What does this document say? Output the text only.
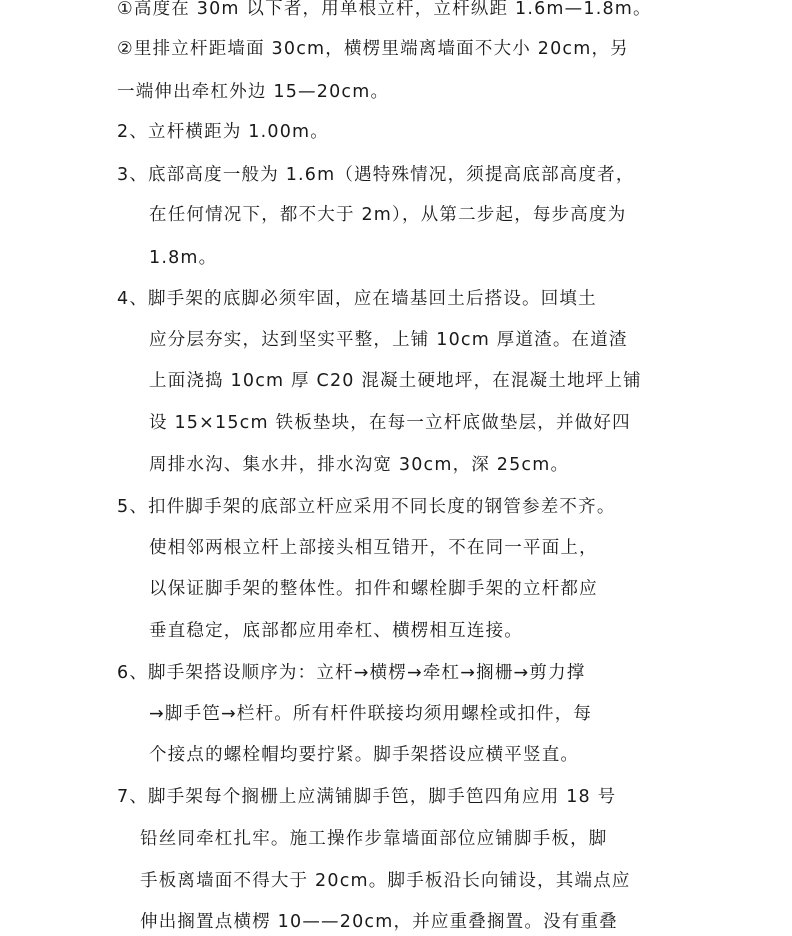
①高度在 30m 以下者，用单根立杆，立杆纵距 1.6m—1.8m。
②里排立杆距墙面 30cm，横楞里端离墙面不大小 20cm，另
一端伸出牵杠外边 15—20cm。
2、立杆横距为 1.00m。
3、底部高度一般为 1.6m（遇特殊情况，须提高底部高度者，
在任何情况下，都不大于 2m），从第二步起，每步高度为
1.8m。
4、脚手架的底脚必须牢固，应在墙基回土后搭设。回填土
应分层夯实，达到坚实平整，上铺 10cm 厚道渣。在道渣
上面浇捣 10cm 厚 C20 混凝土硬地坪，在混凝土地坪上铺
设 15×15cm 铁板垫块，在每一立杆底做垫层，并做好四
周排水沟、集水井，排水沟宽 30cm，深 25cm。
5、扣件脚手架的底部立杆应采用不同长度的钢管参差不齐。
使相邻两根立杆上部接头相互错开，不在同一平面上，
以保证脚手架的整体性。扣件和螺栓脚手架的立杆都应
垂直稳定，底部都应用牵杠、横楞相互连接。
6、脚手架搭设顺序为：立杆→横楞→牵杠→搁栅→剪力撑
→脚手笆→栏杆。所有杆件联接均须用螺栓或扣件，每
个接点的螺栓帽均要拧紧。脚手架搭设应横平竖直。
7、脚手架每个搁栅上应满铺脚手笆，脚手笆四角应用 18 号
铅丝同牵杠扎牢。施工操作步靠墙面部位应铺脚手板，脚
手板离墙面不得大于 20cm。脚手板沿长向铺设，其端点应
伸出搁置点横楞 10——20cm，并应重叠搁置。没有重叠
